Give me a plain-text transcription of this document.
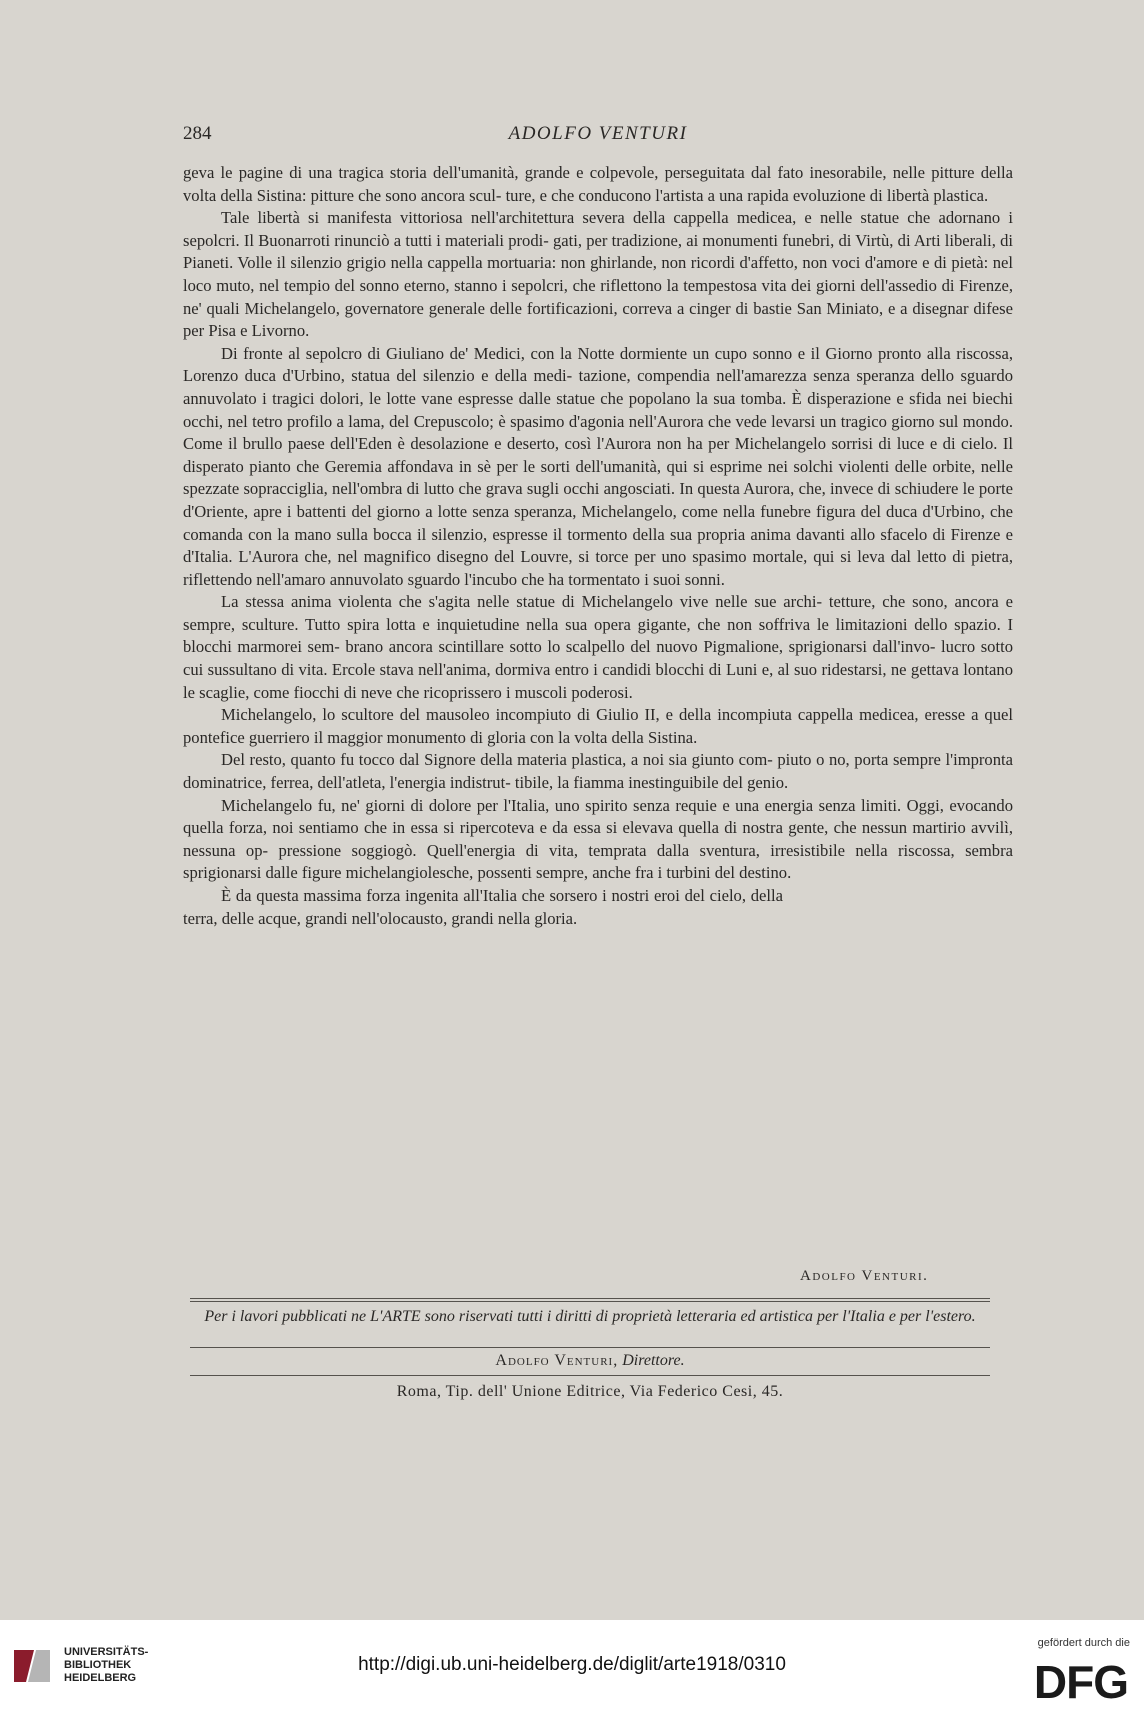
284	ADOLFO VENTURI

geva le pagine di una tragica storia dell'umanità, grande e colpevole, perseguitata dal fato inesorabile, nelle pitture della volta della Sistina: pitture che sono ancora scul- ture, e che conducono l'artista a una rapida evoluzione di libertà plastica.

Tale libertà si manifesta vittoriosa nell'architettura severa della cappella medicea, e nelle statue che adornano i sepolcri. Il Buonarroti rinunciò a tutti i materiali prodi- gati, per tradizione, ai monumenti funebri, di Virtù, di Arti liberali, di Pianeti. Volle il silenzio grigio nella cappella mortuaria: non ghirlande, non ricordi d'affetto, non voci d'amore e di pietà: nel loco muto, nel tempio del sonno eterno, stanno i sepolcri, che riflettono la tempestosa vita dei giorni dell'assedio di Firenze, ne' quali Michelangelo, governatore generale delle fortificazioni, correva a cinger di bastie San Miniato, e a disegnar difese per Pisa e Livorno.

Di fronte al sepolcro di Giuliano de' Medici, con la Notte dormiente un cupo sonno e il Giorno pronto alla riscossa, Lorenzo duca d'Urbino, statua del silenzio e della medi- tazione, compendia nell'amarezza senza speranza dello sguardo annuvolato i tragici dolori, le lotte vane espresse dalle statue che popolano la sua tomba. È disperazione e sfida nei biechi occhi, nel tetro profilo a lama, del Crepuscolo; è spasimo d'agonia nell'Aurora che vede levarsi un tragico giorno sul mondo. Come il brullo paese dell'Eden è desolazione e deserto, così l'Aurora non ha per Michelangelo sorrisi di luce e di cielo. Il disperato pianto che Geremia affondava in sè per le sorti dell'umanità, qui si esprime nei solchi violenti delle orbite, nelle spezzate sopracciglia, nell'ombra di lutto che grava sugli occhi angosciati. In questa Aurora, che, invece di schiudere le porte d'Oriente, apre i battenti del giorno a lotte senza speranza, Michelangelo, come nella funebre figura del duca d'Urbino, che comanda con la mano sulla bocca il silenzio, espresse il tormento della sua propria anima davanti allo sfacelo di Firenze e d'Italia. L'Aurora che, nel magnifico disegno del Louvre, si torce per uno spasimo mortale, qui si leva dal letto di pietra, riflettendo nell'amaro annuvolato sguardo l'incubo che ha tormentato i suoi sonni.

La stessa anima violenta che s'agita nelle statue di Michelangelo vive nelle sue archi- tetture, che sono, ancora e sempre, sculture. Tutto spira lotta e inquietudine nella sua opera gigante, che non soffriva le limitazioni dello spazio. I blocchi marmorei sem- brano ancora scintillare sotto lo scalpello del nuovo Pigmalione, sprigionarsi dall'invo- lucro sotto cui sussultano di vita. Ercole stava nell'anima, dormiva entro i candidi blocchi di Luni e, al suo ridestarsi, ne gettava lontano le scaglie, come fiocchi di neve che ricoprissero i muscoli poderosi.

Michelangelo, lo scultore del mausoleo incompiuto di Giulio II, e della incompiuta cappella medicea, eresse a quel pontefice guerriero il maggior monumento di gloria con la volta della Sistina.

Del resto, quanto fu tocco dal Signore della materia plastica, a noi sia giunto com- piuto o no, porta sempre l'impronta dominatrice, ferrea, dell'atleta, l'energia indistrut- tibile, la fiamma inestinguibile del genio.

Michelangelo fu, ne' giorni di dolore per l'Italia, uno spirito senza requie e una energia senza limiti. Oggi, evocando quella forza, noi sentiamo che in essa si ripercoteva e da essa si elevava quella di nostra gente, che nessun martirio avvilì, nessuna op- pressione soggiogò. Quell'energia di vita, temprata dalla sventura, irresistibile nella riscossa, sembra sprigionarsi dalle figure michelangiolesche, possenti sempre, anche fra i turbini del destino.

È da questa massima forza ingenita all'Italia che sorsero i nostri eroi del cielo, della terra, delle acque, grandi nell'olocausto, grandi nella gloria.

Adolfo Venturi.
Per i lavori pubblicati ne L'ARTE sono riservati tutti i diritti di proprietà letteraria ed artistica per l'Italia e per l'estero.
Adolfo Venturi, Direttore.
Roma, Tip. dell' Unione Editrice, Via Federico Cesi, 45.
UNIVERSITÄTS-
BIBLIOTHEK
HEIDELBERG
http://digi.ub.uni-heidelberg.de/diglit/arte1918/0310
gefördert durch die
DFG
